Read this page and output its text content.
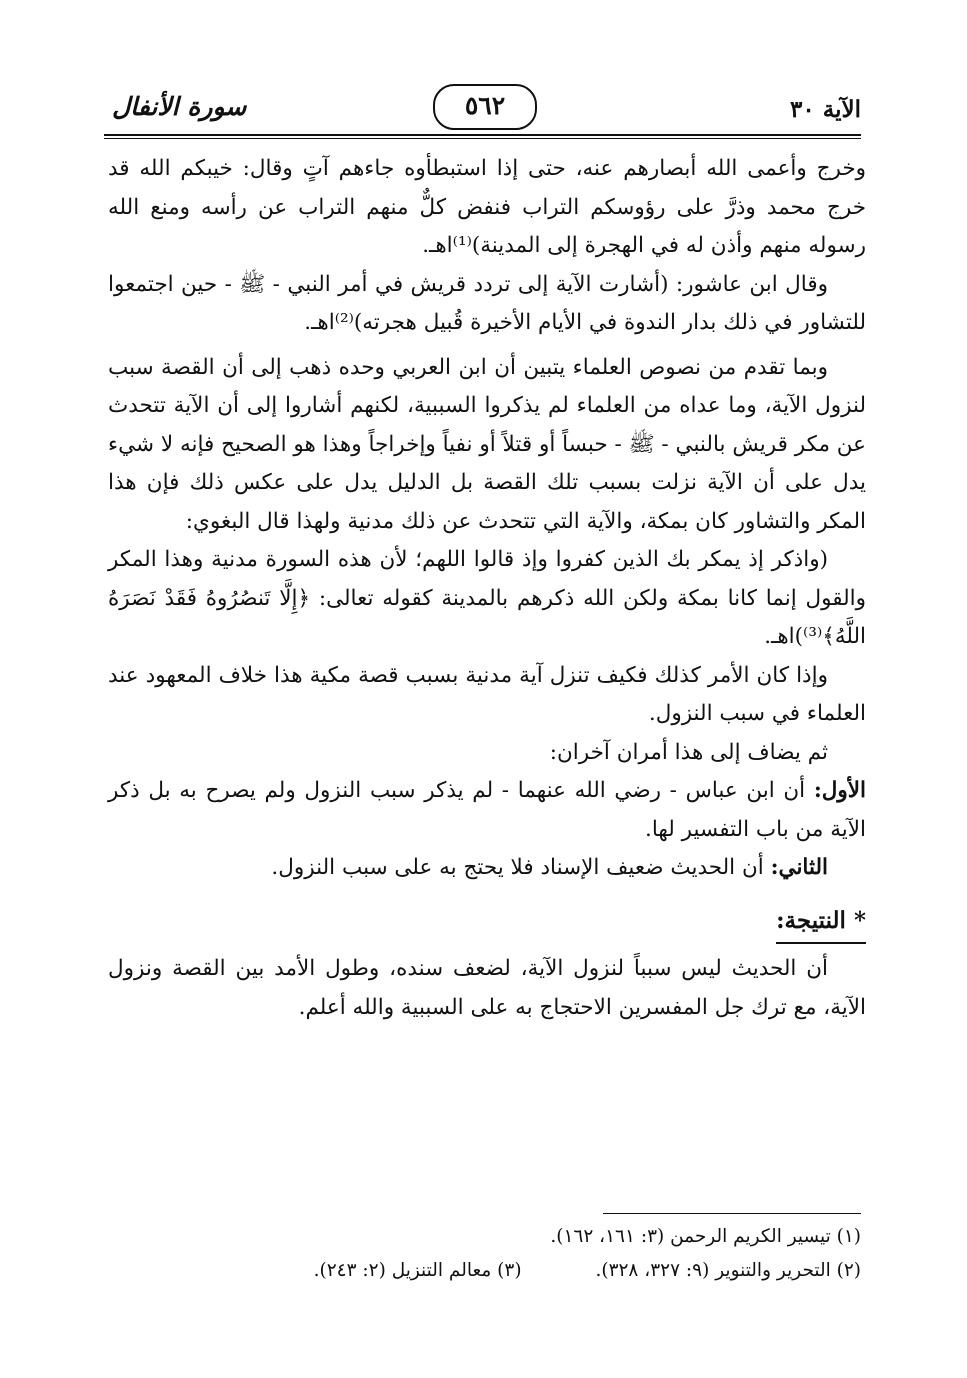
الآية ٣٠
٥٦٢
سورة الأنفال

وخرج وأعمى الله أبصارهم عنه، حتى إذا استبطأوه جاءهم آتٍ وقال: خيبكم الله قد خرج محمد وذرَّ على رؤوسكم التراب فنفض كلٌّ منهم التراب عن رأسه ومنع الله رسوله منهم وأذن له في الهجرة إلى المدينة)⁽¹⁾اهـ.

وقال ابن عاشور: (أشارت الآية إلى تردد قريش في أمر النبي - ﷺ - حين اجتمعوا للتشاور في ذلك بدار الندوة في الأيام الأخيرة قُبيل هجرته)⁽²⁾اهـ.

وبما تقدم من نصوص العلماء يتبين أن ابن العربي وحده ذهب إلى أن القصة سبب لنزول الآية، وما عداه من العلماء لم يذكروا السببية، لكنهم أشاروا إلى أن الآية تتحدث عن مكر قريش بالنبي - ﷺ - حبساً أو قتلاً أو نفياً وإخراجاً وهذا هو الصحيح فإنه لا شيء يدل على أن الآية نزلت بسبب تلك القصة بل الدليل يدل على عكس ذلك فإن هذا المكر والتشاور كان بمكة، والآية التي تتحدث عن ذلك مدنية ولهذا قال البغوي:

(واذكر إذ يمكر بك الذين كفروا وإذ قالوا اللهم؛ لأن هذه السورة مدنية وهذا المكر والقول إنما كانا بمكة ولكن الله ذكرهم بالمدينة كقوله تعالى: ﴿إِلَّا تَنصُرُوهُ فَقَدْ نَصَرَهُ اللَّهُ﴾⁽³⁾)اهـ.

وإذا كان الأمر كذلك فكيف تنزل آية مدنية بسبب قصة مكية هذا خلاف المعهود عند العلماء في سبب النزول.

ثم يضاف إلى هذا أمران آخران:

الأول: أن ابن عباس - رضي الله عنهما - لم يذكر سبب النزول ولم يصرح به بل ذكر الآية من باب التفسير لها.

الثاني: أن الحديث ضعيف الإسناد فلا يحتج به على سبب النزول.

* النتيجة:

أن الحديث ليس سبباً لنزول الآية، لضعف سنده، وطول الأمد بين القصة ونزول الآية، مع ترك جل المفسرين الاحتجاج به على السببية والله أعلم.

(١) تيسير الكريم الرحمن (٣: ١٦١، ١٦٢).
(٢) التحرير والتنوير (٩: ٣٢٧، ٣٢٨). (٣) معالم التنزيل (٢: ٢٤٣).
